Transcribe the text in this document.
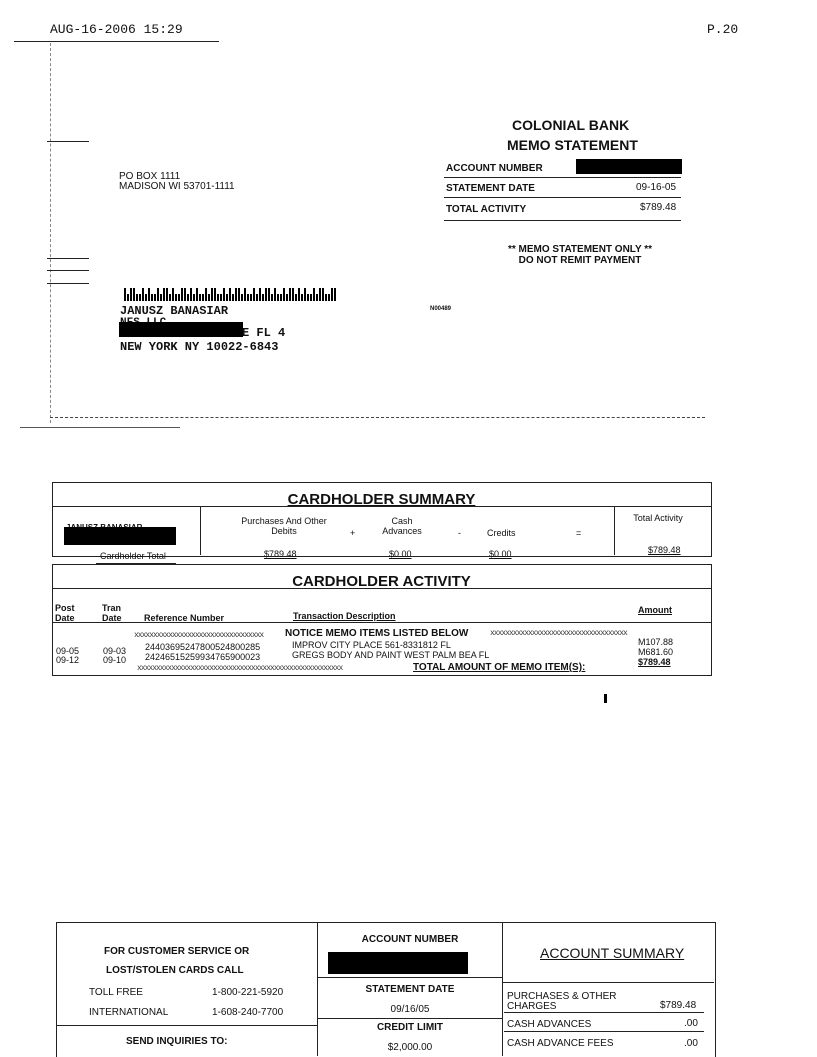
AUG-16-2006 15:29	P.20
COLONIAL BANK
MEMO STATEMENT
PO BOX 1111
MADISON WI 53701-1111
ACCOUNT NUMBER
STATEMENT DATE	09-16-05
TOTAL ACTIVITY	$789.48
** MEMO STATEMENT ONLY **
DO NOT REMIT PAYMENT
JANUSZ BANASIAR
E FL 4
NEW YORK NY 10022-6843
N00489
CARDHOLDER SUMMARY
Purchases And Other Debits	+
Cash Advances	-	Credits	=
Total Activity
Cardholder Total	$789.48	$0.00	$0.00	$789.48
CARDHOLDER ACTIVITY
Post Date
Tran Date	Reference Number	Transaction Description
Amount
xxxxxxxxxxxxxxxxxxxxxxxxxxxxxxxxxx NOTICE MEMO ITEMS LISTED BELOW	xxxxxxxxxxxxxxxxxxxxxxxxxxxxxxxxxxxx
09-05	09-03 24403695247800524800285	IMPROV CITY PLACE 561-8331812 FL	M107.88
09-12	09-10 24246515259934765900023	GREGS BODY AND PAINT WEST PALM BEA FL	M681.60
xxxxxxxxxxxxxxxxxxxxxxxxxxxxxxxxxxxxxxxxxxxxxxxxxxxxxx	TOTAL AMOUNT OF MEMO ITEM(S):	$789.48
FOR CUSTOMER SERVICE OR
LOST/STOLEN CARDS CALL
TOLL FREE	1-800-221-5920
INTERNATIONAL	1-608-240-7700
SEND INQUIRIES TO:
ACCOUNT NUMBER
STATEMENT DATE
09/16/05
CREDIT LIMIT
$2,000.00
ACCOUNT SUMMARY
PURCHASES & OTHER CHARGES	$789.48
CASH ADVANCES	.00
CASH ADVANCE FEES	.00
